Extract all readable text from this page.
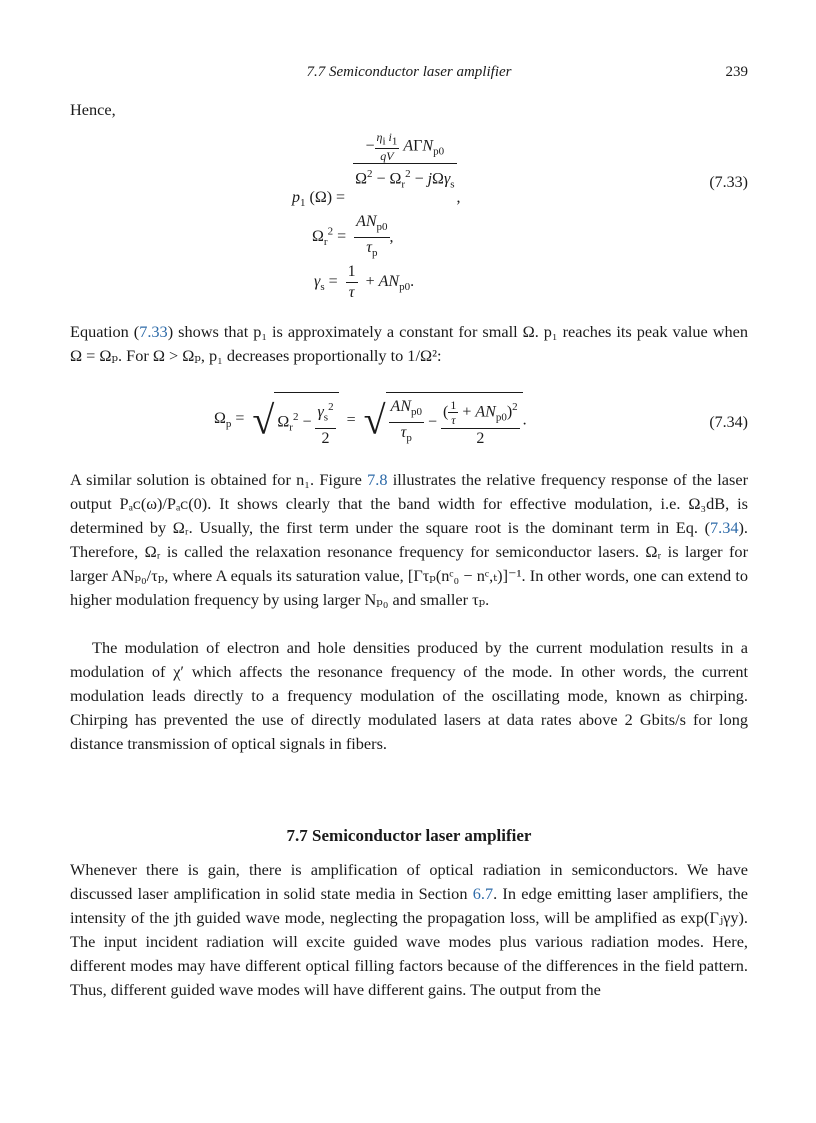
7.7 Semiconductor laser amplifier	239

Hence,

$p_1$ (Ω) =
$\frac{- \frac{\eta_i i_1}{qV} A\Gamma N_{p0}}{\Omega^2 - \Omega_r^2 - j\Omega\gamma_s}$
,
(7.33)
$\Omega_r^2 = \frac{AN_{p0}}{\tau_p}$ ,
$\gamma_s = \frac{1}{\tau} + AN_{p0}$.

Equation (7.33) shows that p₁ is approximately a constant for small Ω. p₁ reaches its peak value when Ω = Ωₚ. For Ω > Ωₚ, p₁ decreases proportionally to 1/Ω²:

$\Omega_p$ =  √ $\Omega_r^2 - \frac{\gamma_s^2}{2}$ =  √ $\frac{AN_{p0}}{\tau_p} - \frac{( \frac{1}{\tau} + AN_{p0})^2}{2}$ .	(7.34)

A similar solution is obtained for n₁. Figure 7.8 illustrates the relative frequency response of the laser output Pₐᴄ(ω)/Pₐᴄ(0). It shows clearly that the band width for effective modulation, i.e. Ω₃dB, is determined by Ωᵣ. Usually, the first term under the square root is the dominant term in Eq. (7.34). Therefore, Ωᵣ is called the relaxation resonance frequency for semiconductor lasers. Ωᵣ is larger for larger ANₚ₀/τₚ, where A equals its saturation value, [Γτₚ(nᶜ₀ − nᶜ,ₜ)]⁻¹. In other words, one can extend to higher modulation frequency by using larger Nₚ₀ and smaller τₚ.

The modulation of electron and hole densities produced by the current modulation results in a modulation of χ′ which affects the resonance frequency of the mode. In other words, the current modulation leads directly to a frequency modulation of the oscillating mode, known as chirping. Chirping has prevented the use of directly modulated lasers at data rates above 2 Gbits/s for long distance transmission of optical signals in fibers.

7.7 Semiconductor laser amplifier

Whenever there is gain, there is amplification of optical radiation in semiconductors. We have discussed laser amplification in solid state media in Section 6.7. In edge emitting laser amplifiers, the intensity of the jth guided wave mode, neglecting the propagation loss, will be amplified as exp(Γⱼγy). The input incident radiation will excite guided wave modes plus various radiation modes. Here, different modes may have different optical filling factors because of the differences in the field pattern. Thus, different guided wave modes will have different gains. The output from the
